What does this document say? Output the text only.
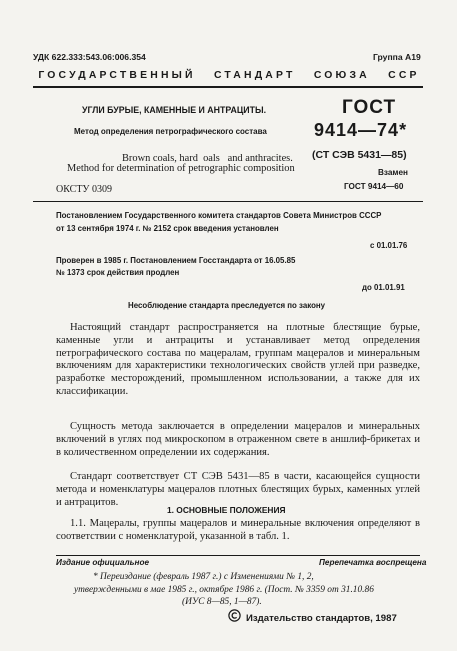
УДК 622.333:543.06:006.354	Группа А19
ГОСУДАРСТВЕННЫЙ   СТАНДАРТ   СОЮЗА   ССР
УГЛИ БУРЫЕ, КАМЕННЫЕ И АНТРАЦИТЫ.
Метод определения петрографического состава
Brown coals, hard  oals   and anthracites.
Method for determination of petrographic composition
ОКСТУ 0309
ГОСТ
9414—74*
(СТ СЭВ 5431—85)
Взамен
ГОСТ 9414—60
Постановлением Государственного комитета стандартов Совета Министров СССР
от 13 сентября 1974 г. № 2152 срок введения установлен
с 01.01.76
Проверен в 1985 г. Постановлением Госстандарта от 16.05.85
№ 1373 срок действия продлен
до 01.01.91
Несоблюдение стандарта преследуется по закону
Настоящий стандарт распространяется на плотные блестящие бурые, каменные угли и антрациты и устанавливает метод определения петрографического состава по мацералам, группам мацералов и минеральным включениям для характеристики технологических свойств углей при разведке, разработке месторождений, промышленном использовании, а также для их классификации.
Сущность метода заключается в определении мацералов и минеральных включений в углях под микроскопом в отраженном свете в аншлиф-брикетах и в количественном определении их содержания.
Стандарт соответствует СТ СЭВ 5431—85 в части, касающейся сущности метода и номенклатуры мацералов плотных блестящих бурых, каменных углей и антрацитов.
1. ОСНОВНЫЕ ПОЛОЖЕНИЯ
1.1. Мацералы, группы мацералов и минеральные включения определяют в соответствии с номенклатурой, указанной в табл. 1.
Издание официальное	Перепечатка воспрещена
* Переиздание (февраль 1987 г.) с Изменениями № 1, 2,
утвержденными в мае 1985 г., октябре 1986 г. (Пост. № 3359 от 31.10.86
(ИУС 8—85, 1—87).
Издательство стандартов, 1987
